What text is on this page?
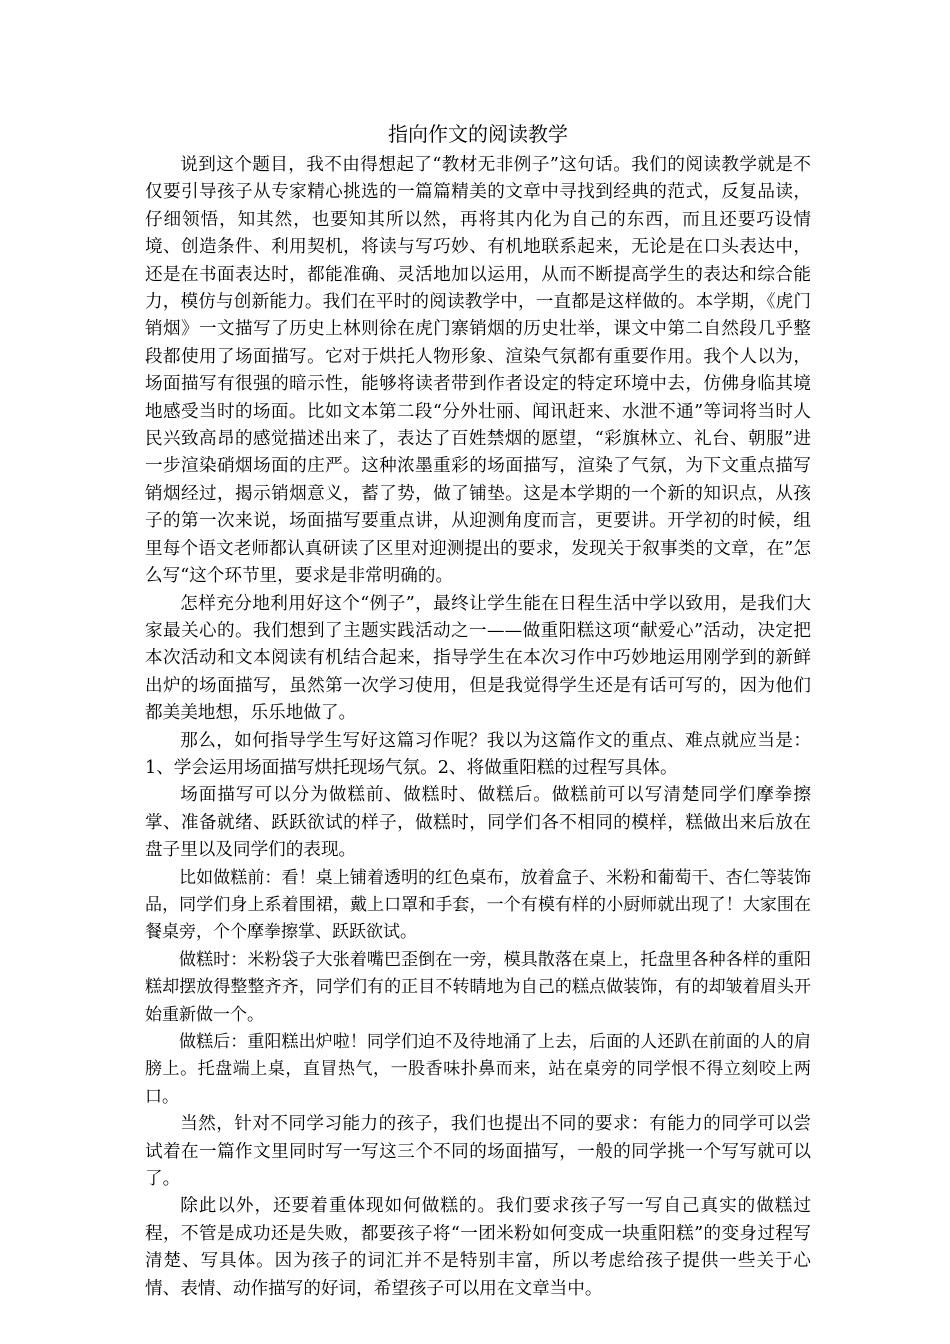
指向作文的阅读教学

说到这个题目，我不由得想起了“教材无非例子”这句话。我们的阅读教学就是不仅要引导孩子从专家精心挑选的一篇篇精美的文章中寻找到经典的范式，反复品读，仔细领悟，知其然，也要知其所以然，再将其内化为自己的东西，而且还要巧设情境、创造条件、利用契机，将读与写巧妙、有机地联系起来，无论是在口头表达中，还是在书面表达时，都能准确、灵活地加以运用，从而不断提高学生的表达和综合能力，模仿与创新能力。我们在平时的阅读教学中，一直都是这样做的。本学期，《虎门销烟》一文描写了历史上林则徐在虎门寨销烟的历史壮举，课文中第二自然段几乎整段都使用了场面描写。它对于烘托人物形象、渲染气氛都有重要作用。我个人以为，场面描写有很强的暗示性，能够将读者带到作者设定的特定环境中去，仿佛身临其境地感受当时的场面。比如文本第二段“分外壮丽、闻讯赶来、水泄不通”等词将当时人民兴致高昂的感觉描述出来了，表达了百姓禁烟的愿望，“彩旗林立、礼台、朝服”进一步渲染硝烟场面的庄严。这种浓墨重彩的场面描写，渲染了气氛，为下文重点描写销烟经过，揭示销烟意义，蓄了势，做了铺垫。这是本学期的一个新的知识点，从孩子的第一次来说，场面描写要重点讲，从迎测角度而言，更要讲。开学初的时候，组里每个语文老师都认真研读了区里对迎测提出的要求，发现关于叙事类的文章，在”怎么写“这个环节里，要求是非常明确的。

怎样充分地利用好这个“例子”，最终让学生能在日程生活中学以致用，是我们大家最关心的。我们想到了主题实践活动之一——做重阳糕这项“献爱心”活动，决定把本次活动和文本阅读有机结合起来，指导学生在本次习作中巧妙地运用刚学到的新鲜出炉的场面描写，虽然第一次学习使用，但是我觉得学生还是有话可写的，因为他们都美美地想，乐乐地做了。

那么，如何指导学生写好这篇习作呢？我以为这篇作文的重点、难点就应当是：1、学会运用场面描写烘托现场气氛。2、将做重阳糕的过程写具体。

场面描写可以分为做糕前、做糕时、做糕后。做糕前可以写清楚同学们摩拳擦掌、准备就绪、跃跃欲试的样子，做糕时，同学们各不相同的模样，糕做出来后放在盘子里以及同学们的表现。

比如做糕前：看！桌上铺着透明的红色桌布，放着盒子、米粉和葡萄干、杏仁等装饰品，同学们身上系着围裙，戴上口罩和手套，一个有模有样的小厨师就出现了！大家围在餐桌旁，个个摩拳擦掌、跃跃欲试。

做糕时：米粉袋子大张着嘴巴歪倒在一旁，模具散落在桌上，托盘里各种各样的重阳糕却摆放得整整齐齐，同学们有的正目不转睛地为自己的糕点做装饰，有的却皱着眉头开始重新做一个。

做糕后：重阳糕出炉啦！同学们迫不及待地涌了上去，后面的人还趴在前面的人的肩膀上。托盘端上桌，直冒热气，一股香味扑鼻而来，站在桌旁的同学恨不得立刻咬上两口。

当然，针对不同学习能力的孩子，我们也提出不同的要求：有能力的同学可以尝试着在一篇作文里同时写一写这三个不同的场面描写，一般的同学挑一个写写就可以了。

除此以外，还要着重体现如何做糕的。我们要求孩子写一写自己真实的做糕过程，不管是成功还是失败，都要孩子将“一团米粉如何变成一块重阳糕”的变身过程写清楚、写具体。因为孩子的词汇并不是特别丰富，所以考虑给孩子提供一些关于心情、表情、动作描写的好词，希望孩子可以用在文章当中。
